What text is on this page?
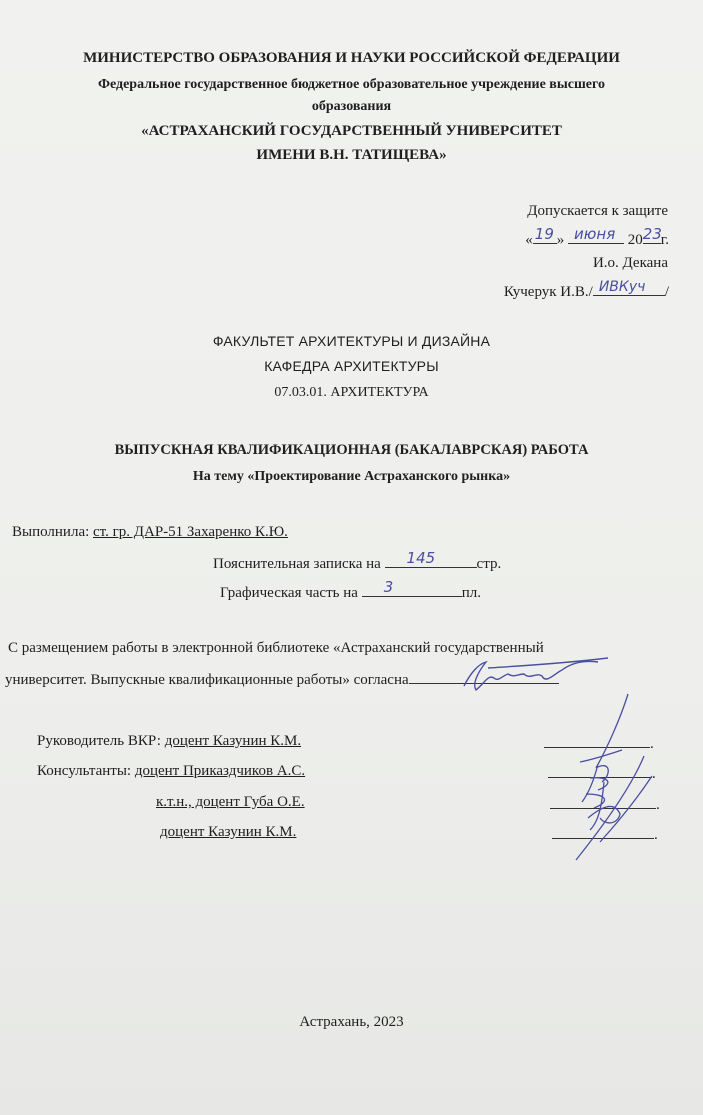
МИНИСТЕРСТВО ОБРАЗОВАНИЯ И НАУКИ РОССИЙСКОЙ ФЕДЕРАЦИИ
Федеральное государственное бюджетное образовательное учреждение высшего
образования
«АСТРАХАНСКИЙ ГОСУДАРСТВЕННЫЙ УНИВЕРСИТЕТ
ИМЕНИ В.Н. ТАТИЩЕВА»
Допускается к защите
« 19 » июня 20 23
г.
И.о. Декана
Кучерук И.В./ ИВКуч /
ФАКУЛЬТЕТ АРХИТЕКТУРЫ И ДИЗАЙНА
КАФЕДРА АРХИТЕКТУРЫ
07.03.01. АРХИТЕКТУРА
ВЫПУСКНАЯ КВАЛИФИКАЦИОННАЯ (БАКАЛАВРСКАЯ) РАБОТА
На тему «Проектирование Астраханского рынка»
Выполнила: ст. гр. ДАР-51 Захаренко К.Ю.
Пояснительная записка на 145	стр.
Графическая часть на 3	пл.
С размещением работы в электронной библиотеке «Астраханский государственный
университет. Выпускные квалификационные работы» согласна
Руководитель ВКР: доцент Казунин К.М.
Консультанты: доцент Приказдчиков А.С.
к.т.н., доцент Губа О.Е.
доцент Казунин К.М.
.
.
.
.
Астрахань, 2023
